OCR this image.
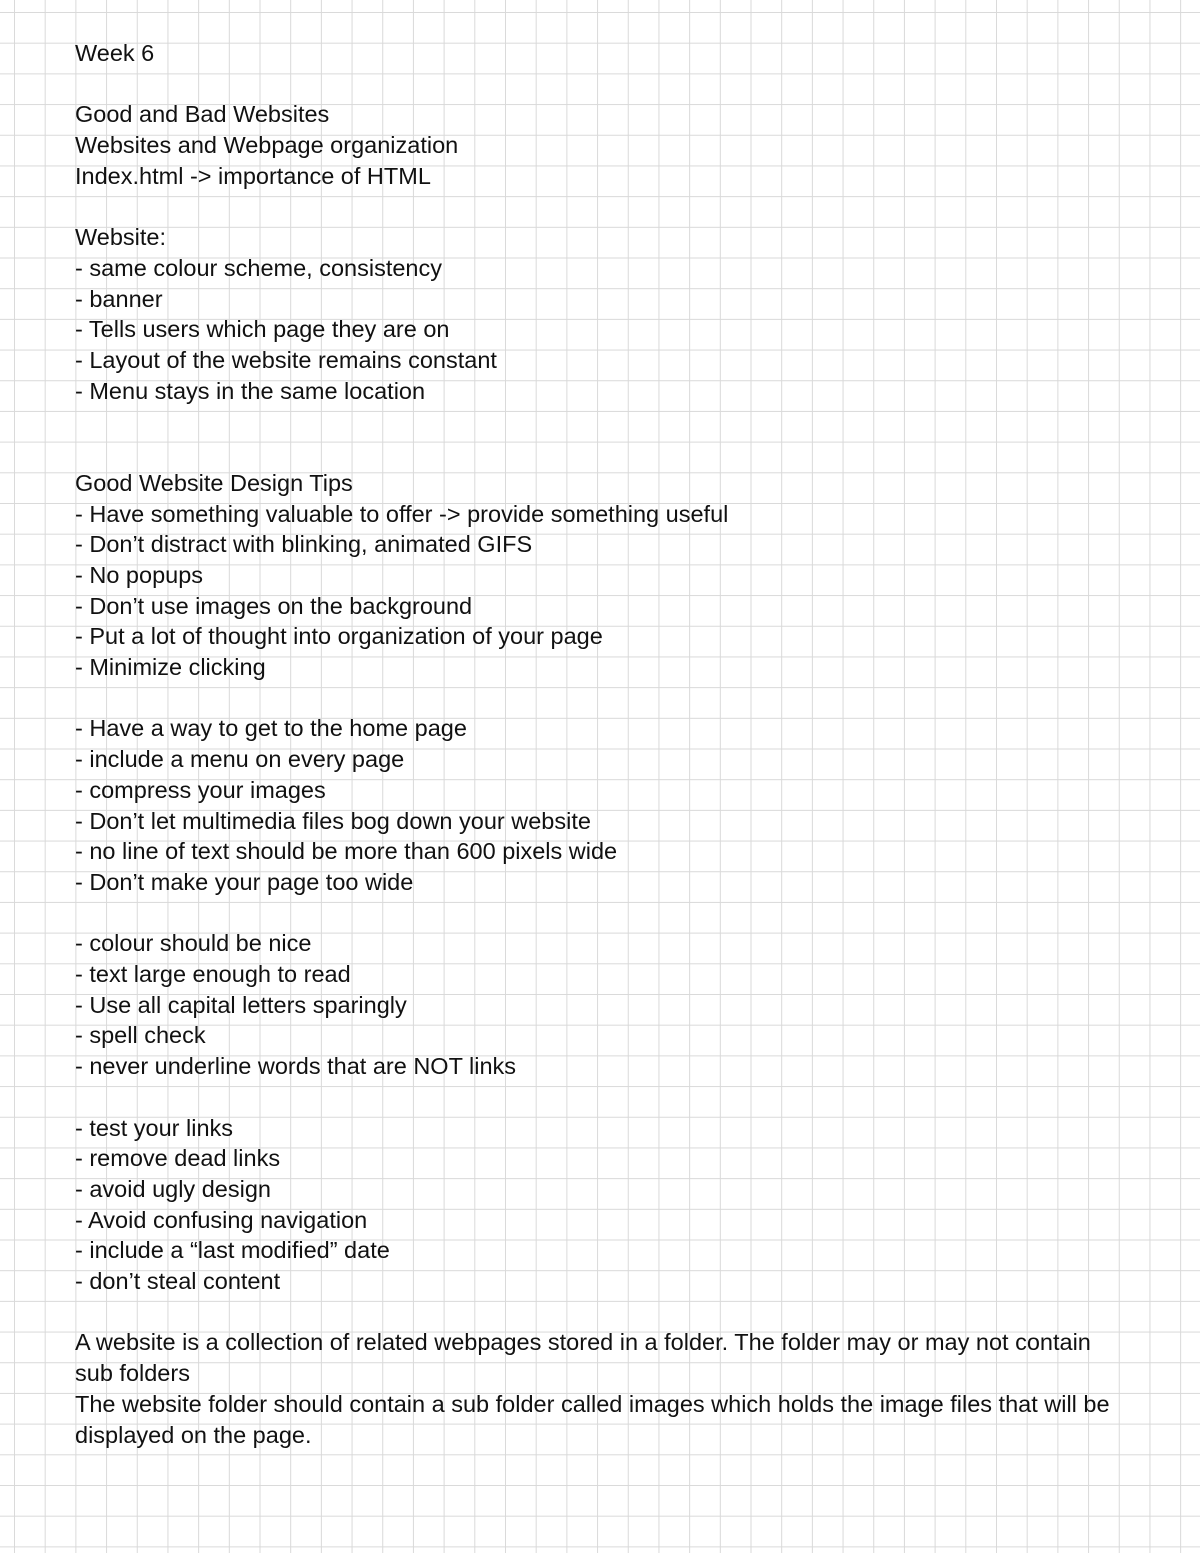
Week 6

Good and Bad Websites

Websites and Webpage organization

Index.html -> importance of HTML

Website:

- same colour scheme, consistency

- banner

- Tells users which page they are on

- Layout of the website remains constant

- Menu stays in the same location

Good Website Design Tips

- Have something valuable to offer -> provide something useful

- Don’t distract with blinking, animated GIFS

- No popups

- Don’t use images on the background

- Put a lot of thought into organization of your page

- Minimize clicking

- Have a way to get to the home page

- include a menu on every page

- compress your images

- Don’t let multimedia files bog down your website

- no line of text should be more than 600 pixels wide

- Don’t make your page too wide

- colour should be nice

- text large enough to read

- Use all capital letters sparingly

- spell check

- never underline words that are NOT links

- test your links

- remove dead links

- avoid ugly design

- Avoid confusing navigation

- include a “last modified” date

- don’t steal content

A website is a collection of related webpages stored in a folder. The folder may or may not contain sub folders

The website folder should contain a sub folder called images which holds the image files that will be displayed on the page.
